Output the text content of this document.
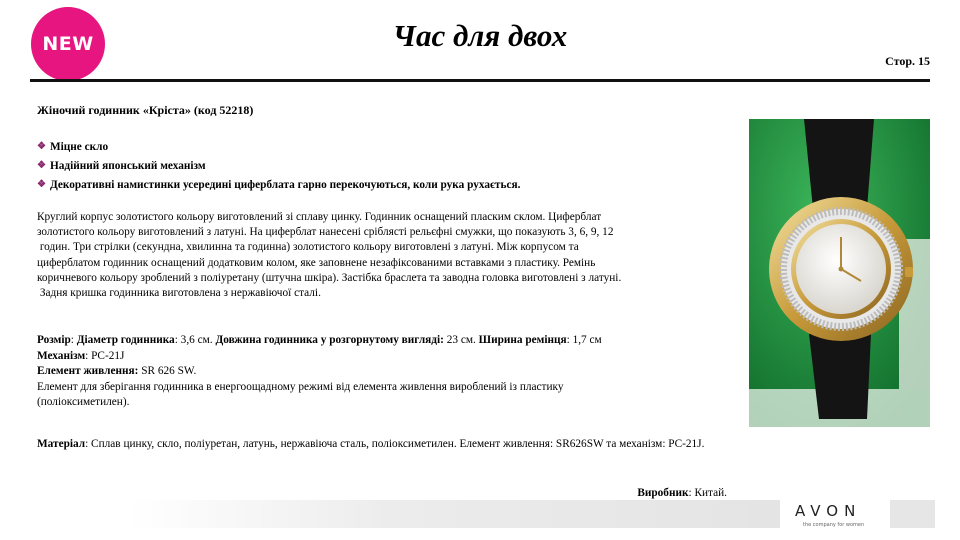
NEW	Час для двох
Стор. 15
Жіночий годинник «Кріста» (код 52218)
❖ Міцне скло
❖ Надійний японський механізм
❖ Декоративні намистинки усередині циферблата гарно перекочуються, коли рука рухається.
Круглий корпус золотистого кольору виготовлений зі сплаву цинку. Годинник оснащений пласким склом. Циферблат
золотистого кольору виготовлений з латуні. На циферблат нанесені сріблясті рельєфні смужки, що показують 3, 6, 9, 12
годин. Три стрілки (секундна, хвилинна та годинна) золотистого кольору виготовлені з латуні. Між корпусом та
циферблатом годинник оснащений додатковим колом, яке заповнене незафіксованими вставками з пластику. Ремінь
коричневого кольору зроблений з поліуретану (штучна шкіра). Застібка браслета та заводна головка виготовлені з латуні.
Задня кришка годинника виготовлена з нержавіючої сталі.
Розмір: Діаметр годинника: 3,6 см. Довжина годинника у розгорнутому вигляді: 23 см. Ширина ремінця: 1,7 см
Механізм: PC-21J
Елемент живлення: SR 626 SW.
Елемент для зберігання годинника в енергоощадному режимі від елемента живлення вироблений із пластику (поліоксиметилен).
Матеріал: Сплав цинку, скло, поліуретан, латунь, нержавіюча сталь, поліоксиметилен. Елемент живлення: SR626SW та механізм: PC-21J.
Виробник: Китай.
AVON
the company for women
